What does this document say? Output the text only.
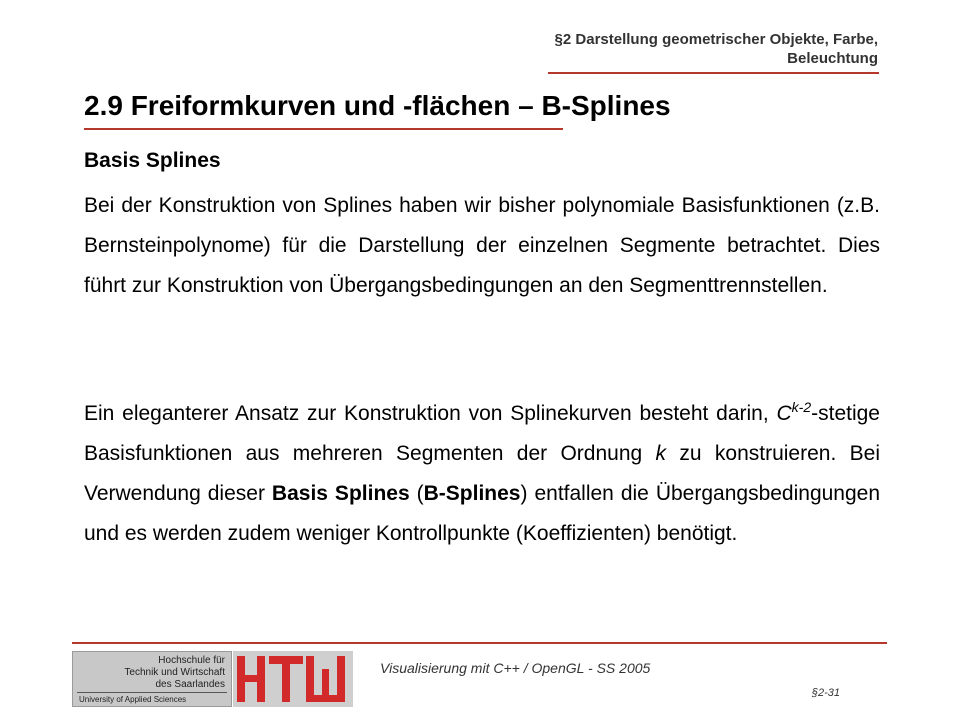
§2 Darstellung geometrischer Objekte, Farbe,
Beleuchtung
2.9 Freiformkurven und -flächen – B-Splines
Basis Splines

Bei der Konstruktion von Splines haben wir bisher polynomiale Basisfunktionen (z.B. Bernsteinpolynome) für die Darstellung der einzelnen Segmente betrachtet. Dies führt zur Konstruktion von Übergangsbedingungen an den Segmenttrennstellen.

Ein eleganterer Ansatz zur Konstruktion von Splinekurven besteht darin, $C^{k-2}$-stetige Basisfunktionen aus mehreren Segmenten der Ordnung k zu konstruieren. Bei Verwendung dieser Basis Splines (B-Splines) entfallen die Übergangsbedingungen und es werden zudem weniger Kontrollpunkte (Koeffizienten) benötigt.

Hochschule für
Technik und Wirtschaft
des Saarlandes
University of Applied Sciences
Visualisierung mit C++ / OpenGL - SS 2005
§2-31
